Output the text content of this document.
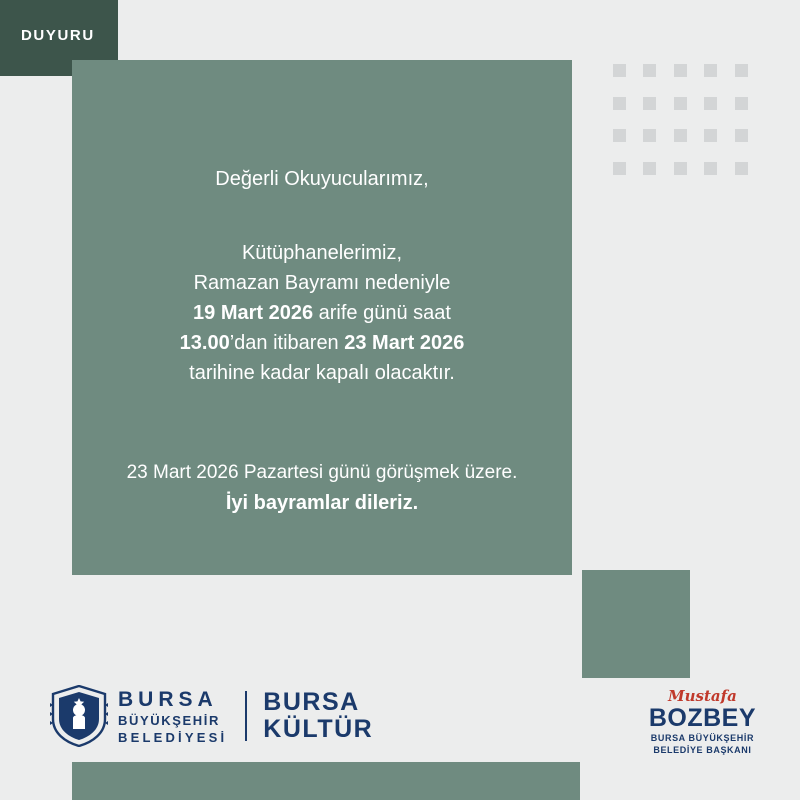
DUYURU
Değerli Okuyucularımız,
Kütüphanelerimiz,
Ramazan Bayramı nedeniyle
19 Mart 2026 arife günü saat
13.00’dan itibaren 23 Mart 2026
tarihine kadar kapalı olacaktır.
23 Mart 2026 Pazartesi günü görüşmek üzere.
İyi bayramlar dileriz.
BURSA
BÜYÜKŞEHİR
BELEDİYESİ
BURSA
KÜLTÜR
Mustafa
BOZBEY
BURSA BÜYÜKŞEHİR
BELEDİYE BAŞKANI
